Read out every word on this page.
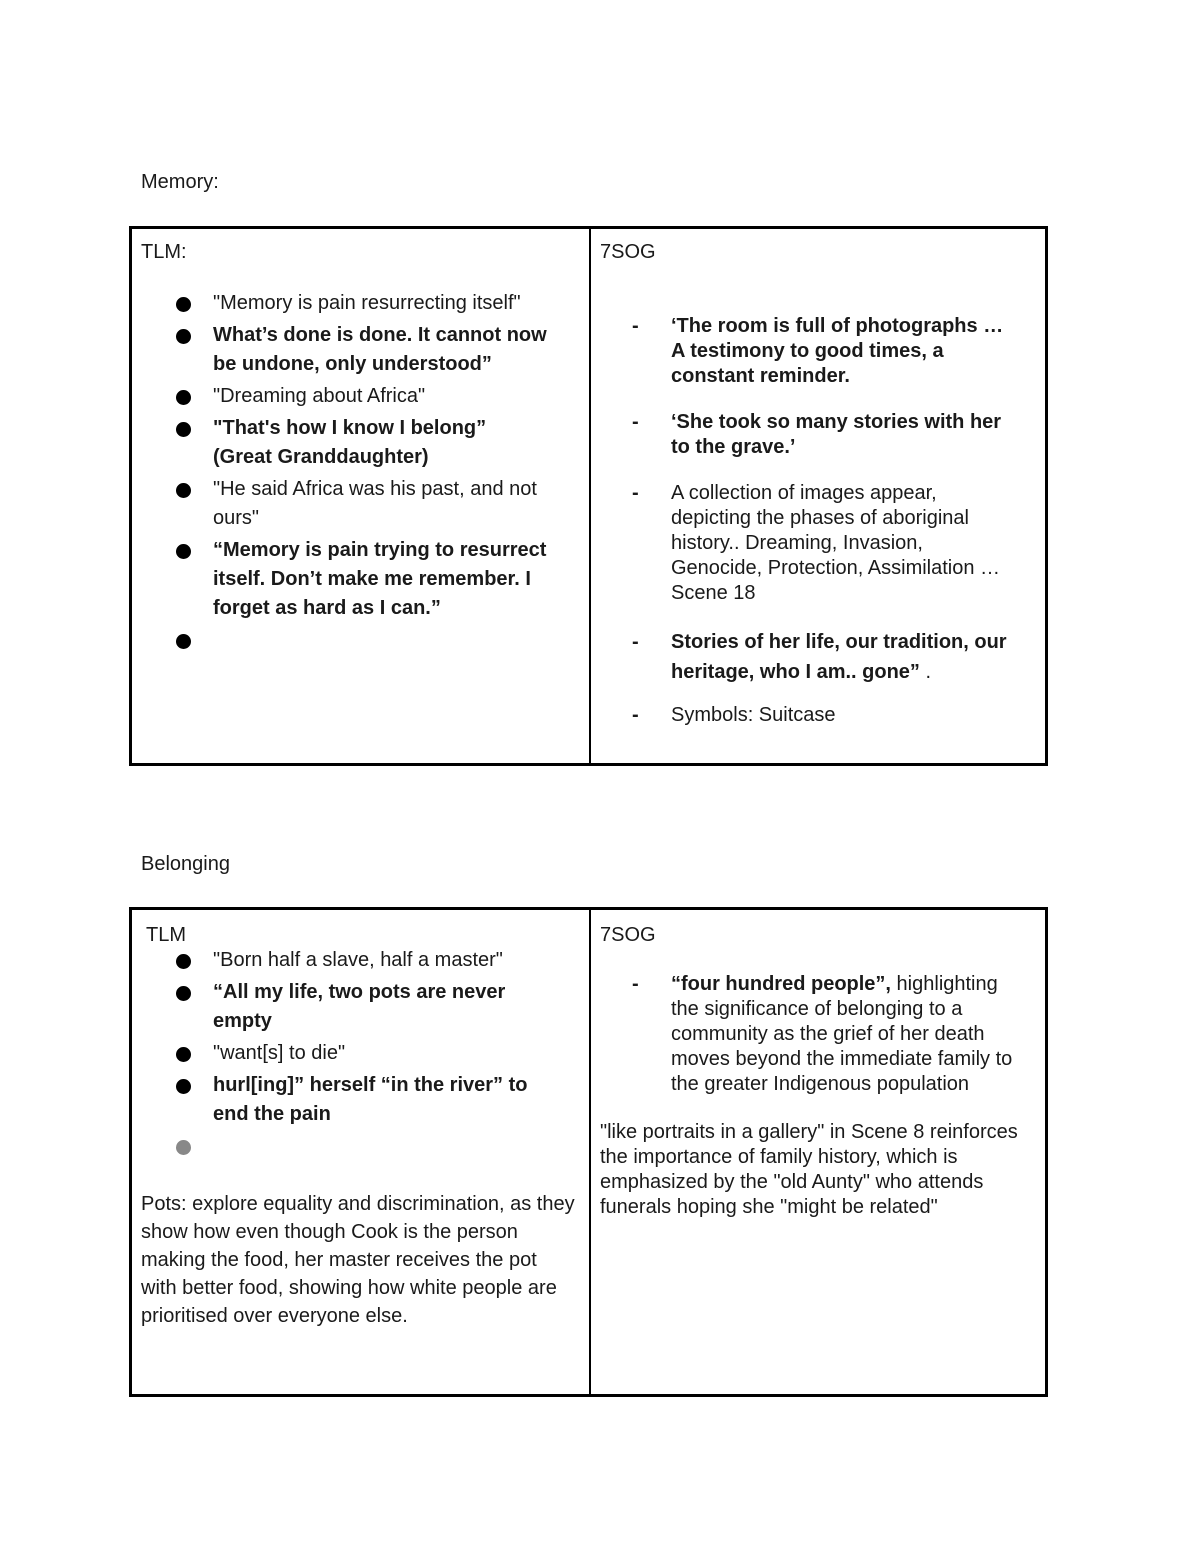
Memory:
TLM:
"Memory is pain resurrecting itself"
What’s done is done. It cannot now be undone, only understood”
"Dreaming about Africa"
"That's how I know I belong” (Great Granddaughter)
"He said Africa was his past, and not ours"
“Memory is pain trying to resurrect itself. Don’t make me remember. I forget as hard as I can.”
7SOG
- ‘The room is full of photographs … A testimony to good times, a constant reminder.
- ‘She took so many stories with her to the grave.’
- A collection of images appear, depicting the phases of aboriginal history.. Dreaming, Invasion, Genocide, Protection, Assimilation … Scene 18
- Stories of her life, our tradition, our heritage, who I am.. gone” .
- Symbols: Suitcase
Belonging
TLM
"Born half a slave, half a master"
“All my life, two pots are never empty
"want[s] to die"
hurl[ing]” herself “in the river” to end the pain
Pots: explore equality and discrimination, as they show how even though Cook is the person making the food, her master receives the pot with better food, showing how white people are prioritised over everyone else.
7SOG
- “four hundred people”, highlighting the significance of belonging to a community as the grief of her death moves beyond the immediate family to the greater Indigenous population
"like portraits in a gallery" in Scene 8 reinforces the importance of family history, which is emphasized by the "old Aunty" who attends funerals hoping she "might be related"
